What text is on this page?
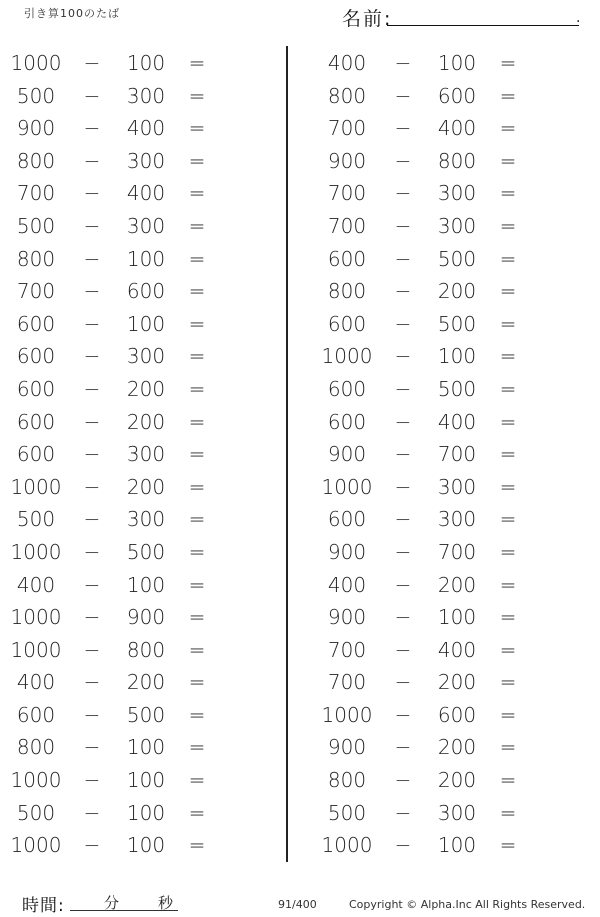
引き算100のたば	名前:	.
1000 −	100	=
500	−	300	=
900	−	400	=
800	−	300	=
700	−	400	=
500	−	300	=
800	−	100	=
700	−	600	=
600	−	100	=
600	−	300	=
600	−	200	=
600	−	200	=
600	−	300	=
1000 −	200	=
500	−	300	=
1000 −	500	=
400	−	100	=
1000 −	900	=
1000 −	800	=
400	−	200	=
600	−	500	=
800	−	100	=
1000 −	100	=
500	−	100	=
1000 −	100	=
400	−	100	=
800	−	600	=
700	−	400	=
900	−	800	=
700	−	300	=
700	−	300	=
600	−	500	=
800	−	200	=
600	−	500	=
1000 −	100	=
600	−	500	=
600	−	400	=
900	−	700	=
1000 −	300	=
600	−	300	=
900	−	700	=
400	−	200	=
900	−	100	=
700	−	400	=
700	−	200	=
1000 −	600	=
900	−	200	=
800	−	200	=
500	−	300	=
1000 −	100	=
時間:	分	秒	91/400	Copyright © Alpha.Inc All Rights Reserved.
